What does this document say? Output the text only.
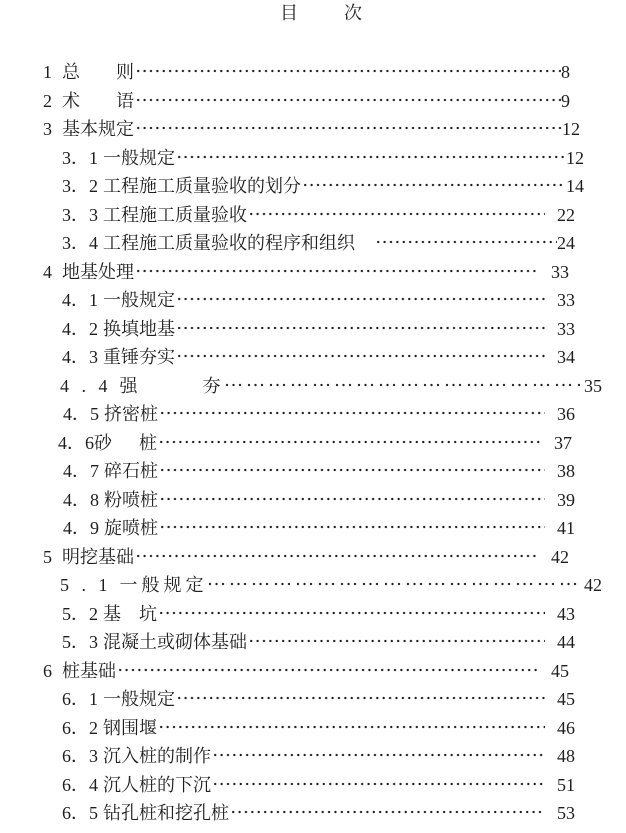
目	次
1 总　　则	8
2 术　　语	9
3 基本规定	12
3．1 一般规定	12
3．2 工程施工质量验收的划分	14
3．3 工程施工质量验收	22
3．4 工程施工质量验收的程序和组织	24
4 地基处理	33
4．1 一般规定	33
4．2 换填地基	33
4．3 重锤夯实	34
4 . 4 强　　  夯	35
4．5 挤密桩	36
4．6 砂　  桩	37
4．7 碎石桩	38
4．8 粉喷桩	39
4．9 旋喷桩	41
5 明挖基础	42
5 . 1 一般规定	42
5．2 基　坑	43
5．3 混凝土或砌体基础	44
6 桩基础	45
6．1 一般规定	45
6．2 钢围堰	46
6．3 沉入桩的制作	48
6．4 沉人桩的下沉	51
6．5 钻孔桩和挖孔桩	53
